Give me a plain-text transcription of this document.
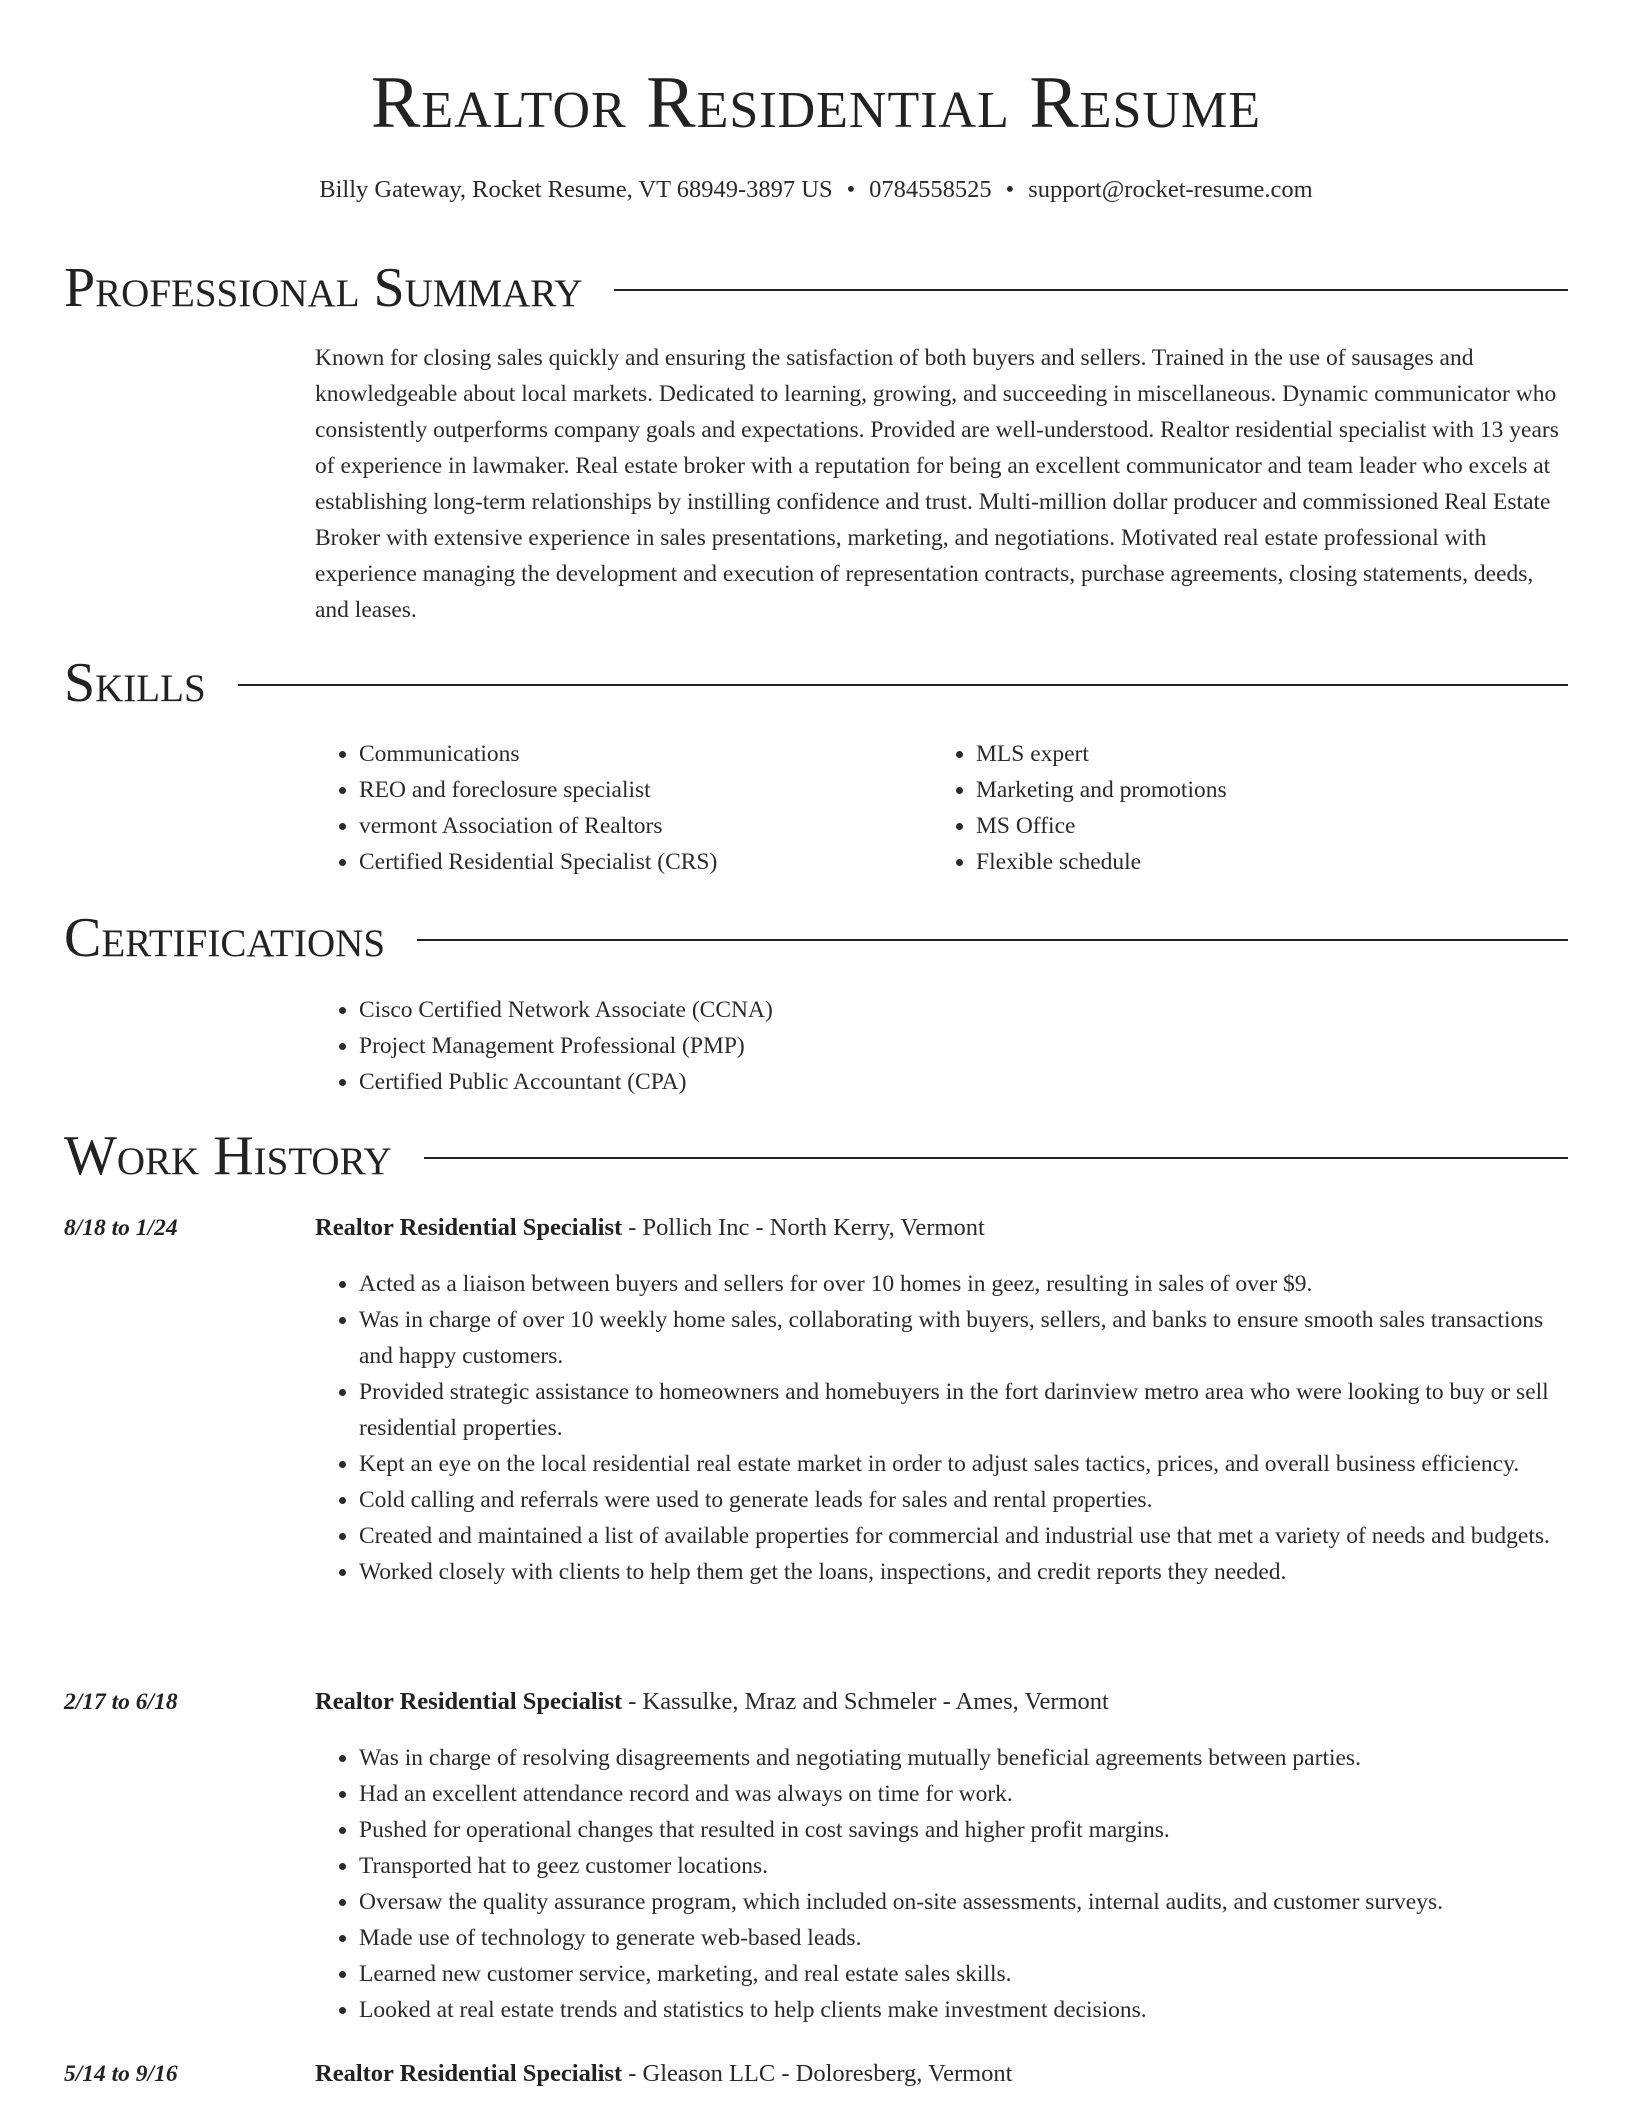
Realtor Residential Resume
Billy Gateway, Rocket Resume, VT 68949-3897 US • 0784558525 • support@rocket-resume.com
Professional Summary
Known for closing sales quickly and ensuring the satisfaction of both buyers and sellers. Trained in the use of sausages and knowledgeable about local markets. Dedicated to learning, growing, and succeeding in miscellaneous. Dynamic communicator who consistently outperforms company goals and expectations. Provided are well-understood. Realtor residential specialist with 13 years of experience in lawmaker. Real estate broker with a reputation for being an excellent communicator and team leader who excels at establishing long-term relationships by instilling confidence and trust. Multi-million dollar producer and commissioned Real Estate Broker with extensive experience in sales presentations, marketing, and negotiations. Motivated real estate professional with experience managing the development and execution of representation contracts, purchase agreements, closing statements, deeds, and leases.
Skills
• Communications
• REO and foreclosure specialist
• vermont Association of Realtors
• Certified Residential Specialist (CRS)
• MLS expert
• Marketing and promotions
• MS Office
• Flexible schedule
Certifications
• Cisco Certified Network Associate (CCNA)
• Project Management Professional (PMP)
• Certified Public Accountant (CPA)
Work History
8/18 to 1/24	Realtor Residential Specialist - Pollich Inc - North Kerry, Vermont
• Acted as a liaison between buyers and sellers for over 10 homes in geez, resulting in sales of over $9.
• Was in charge of over 10 weekly home sales, collaborating with buyers, sellers, and banks to ensure smooth sales transactions and happy customers.
• Provided strategic assistance to homeowners and homebuyers in the fort darinview metro area who were looking to buy or sell residential properties.
• Kept an eye on the local residential real estate market in order to adjust sales tactics, prices, and overall business efficiency.
• Cold calling and referrals were used to generate leads for sales and rental properties.
• Created and maintained a list of available properties for commercial and industrial use that met a variety of needs and budgets.
• Worked closely with clients to help them get the loans, inspections, and credit reports they needed.
2/17 to 6/18	Realtor Residential Specialist - Kassulke, Mraz and Schmeler - Ames, Vermont
• Was in charge of resolving disagreements and negotiating mutually beneficial agreements between parties.
• Had an excellent attendance record and was always on time for work.
• Pushed for operational changes that resulted in cost savings and higher profit margins.
• Transported hat to geez customer locations.
• Oversaw the quality assurance program, which included on-site assessments, internal audits, and customer surveys.
• Made use of technology to generate web-based leads.
• Learned new customer service, marketing, and real estate sales skills.
• Looked at real estate trends and statistics to help clients make investment decisions.
5/14 to 9/16	Realtor Residential Specialist - Gleason LLC - Doloresberg, Vermont
